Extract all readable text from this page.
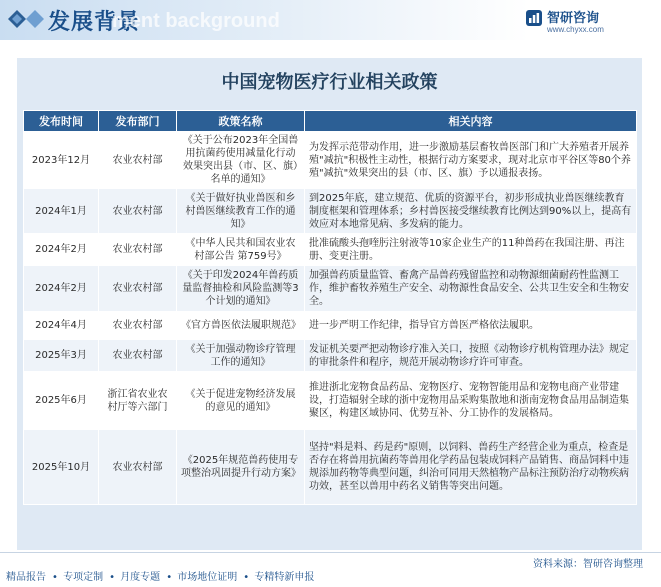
发展背景
ment background	智研咨询
www.chyxx.com
中国宠物医疗行业相关政策
发布时间	发布部门	政策名称	相关内容
2023年12月	农业农村部	《关于公布2023年全国兽用抗菌药使用减量化行动效果突出县（市、区、旗）名单的通知》	为发挥示范带动作用，进一步激励基层畜牧兽医部门和广大养殖者开展养殖"减抗"积极性主动性，根据行动方案要求，现对北京市平谷区等80个养殖"减抗"效果突出的县（市、区、旗）予以通报表扬。
2024年1月	农业农村部	《关于做好执业兽医和乡村兽医继续教育工作的通知》	到2025年底，建立规范、优质的资源平台，初步形成执业兽医继续教育制度框架和管理体系；乡村兽医接受继续教育比例达到90%以上，提高有效应对本地常见病、多发病的能力。
2024年2月	农业农村部	《中华人民共和国农业农村部公告 第759号》	批准硫酸头孢喹肟注射液等10家企业生产的11种兽药在我国注册、再注册、变更注册。
2024年2月	农业农村部	《关于印发2024年兽药质量监督抽检和风险监测等3个计划的通知》	加强兽药质量监管、畜禽产品兽药残留监控和动物源细菌耐药性监测工作，维护畜牧养殖生产安全、动物源性食品安全、公共卫生安全和生物安全。
2024年4月	农业农村部	《官方兽医依法履职规范》	进一步严明工作纪律，指导官方兽医严格依法履职。
2025年3月	农业农村部	《关于加强动物诊疗管理工作的通知》	发证机关要严把动物诊疗准入关口，按照《动物诊疗机构管理办法》规定的审批条件和程序，规范开展动物诊疗许可审查。
2025年6月	浙江省农业农村厅等六部门	《关于促进宠物经济发展的意见的通知》	推进浙北宠物食品药品、宠物医疗、宠物智能用品和宠物电商产业带建设，打造辐射全球的浙中宠物用品采购集散地和浙南宠物食品用品制造集聚区，构建区域协同、优势互补、分工协作的发展格局。
2025年10月	农业农村部	《2025年规范兽药使用专项整治巩固提升行动方案》	坚持"料是料、药是药"原则，以饲料、兽药生产经营企业为重点，检查是否存在将兽用抗菌药等兽用化学药品包装成饲料产品销售、商品饲料中违规添加药物等典型问题，纠治可同用天然植物产品标注预防治疗动物疾病功效，甚至以兽用中药名义销售等突出问题。
资料来源：智研咨询整理
精品报告 • 专项定制 • 月度专题 • 市场地位证明 • 专精特新申报
